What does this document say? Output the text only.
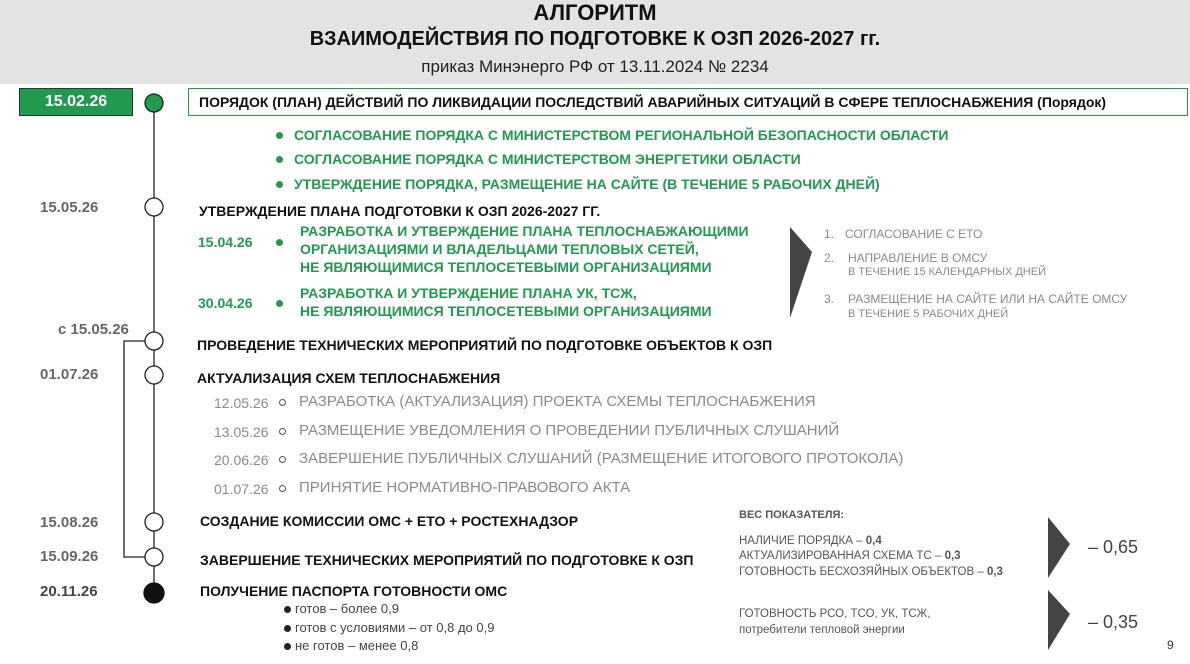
АЛГОРИТМ
ВЗАИМОДЕЙСТВИЯ ПО ПОДГОТОВКЕ К ОЗП 2026-2027 гг.
приказ Минэнерго РФ от 13.11.2024 № 2234
15.02.26
15.05.26
с 15.05.26
01.07.26
15.08.26
15.09.26
20.11.26
ПОРЯДОК (ПЛАН) ДЕЙСТВИЙ ПО ЛИКВИДАЦИИ ПОСЛЕДСТВИЙ АВАРИЙНЫХ СИТУАЦИЙ В СФЕРЕ ТЕПЛОСНАБЖЕНИЯ (Порядок)
СОГЛАСОВАНИЕ ПОРЯДКА С МИНИСТЕРСТВОМ РЕГИОНАЛЬНОЙ БЕЗОПАСНОСТИ ОБЛАСТИ
СОГЛАСОВАНИЕ ПОРЯДКА С МИНИСТЕРСТВОМ ЭНЕРГЕТИКИ ОБЛАСТИ
УТВЕРЖДЕНИЕ ПОРЯДКА, РАЗМЕЩЕНИЕ НА САЙТЕ (В ТЕЧЕНИЕ 5 РАБОЧИХ ДНЕЙ)
УТВЕРЖДЕНИЕ ПЛАНА ПОДГОТОВКИ К ОЗП 2026-2027 ГГ.
15.04.26
РАЗРАБОТКА И УТВЕРЖДЕНИЕ ПЛАНА ТЕПЛОСНАБЖАЮЩИМИ
ОРГАНИЗАЦИЯМИ И ВЛАДЕЛЬЦАМИ ТЕПЛОВЫХ СЕТЕЙ,
НЕ ЯВЛЯЮЩИМИСЯ ТЕПЛОСЕТЕВЫМИ ОРГАНИЗАЦИЯМИ
30.04.26
РАЗРАБОТКА И УТВЕРЖДЕНИЕ ПЛАНА УК, ТСЖ,
НЕ ЯВЛЯЮЩИМИСЯ ТЕПЛОСЕТЕВЫМИ ОРГАНИЗАЦИЯМИ
1. СОГЛАСОВАНИЕ С ЕТО
2. НАПРАВЛЕНИЕ В ОМСУ
В ТЕЧЕНИЕ 15 КАЛЕНДАРНЫХ ДНЕЙ
3. РАЗМЕЩЕНИЕ НА САЙТЕ ИЛИ НА САЙТЕ ОМСУ
В ТЕЧЕНИЕ 5 РАБОЧИХ ДНЕЙ
ПРОВЕДЕНИЕ ТЕХНИЧЕСКИХ МЕРОПРИЯТИЙ ПО ПОДГОТОВКЕ ОБЪЕКТОВ К ОЗП
АКТУАЛИЗАЦИЯ СХЕМ ТЕПЛОСНАБЖЕНИЯ
12.05.26 РАЗРАБОТКА (АКТУАЛИЗАЦИЯ) ПРОЕКТА СХЕМЫ ТЕПЛОСНАБЖЕНИЯ
13.05.26 РАЗМЕЩЕНИЕ УВЕДОМЛЕНИЯ О ПРОВЕДЕНИИ ПУБЛИЧНЫХ СЛУШАНИЙ
20.06.26 ЗАВЕРШЕНИЕ ПУБЛИЧНЫХ СЛУШАНИЙ (РАЗМЕЩЕНИЕ ИТОГОВОГО ПРОТОКОЛА)
01.07.26 ПРИНЯТИЕ НОРМАТИВНО-ПРАВОВОГО АКТА
СОЗДАНИЕ КОМИССИИ ОМС + ЕТО + РОСТЕХНАДЗОР
ЗАВЕРШЕНИЕ ТЕХНИЧЕСКИХ МЕРОПРИЯТИЙ ПО ПОДГОТОВКЕ К ОЗП
ПОЛУЧЕНИЕ ПАСПОРТА ГОТОВНОСТИ ОМС
готов – более 0,9
готов с условиями – от 0,8 до 0,9
не готов – менее 0,8
ВЕС ПОКАЗАТЕЛЯ:
НАЛИЧИЕ ПОРЯДКА – 0,4
АКТУАЛИЗИРОВАННАЯ СХЕМА ТС – 0,3
ГОТОВНОСТЬ БЕСХОЗЯЙНЫХ ОБЪЕКТОВ – 0,3
– 0,65
ГОТОВНОСТЬ РСО, ТСО, УК, ТСЖ,
потребители тепловой энергии	– 0,35
9
